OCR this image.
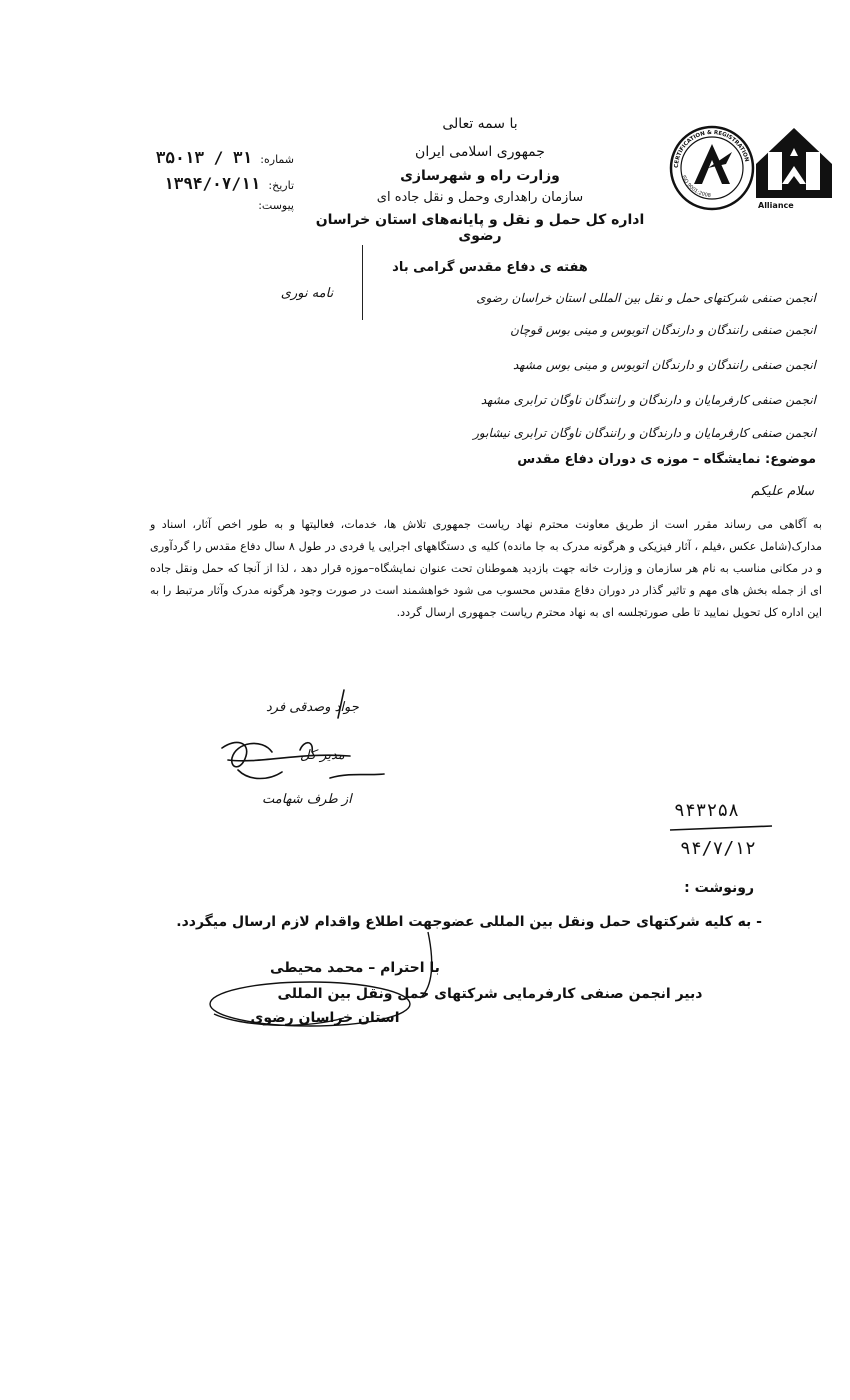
با سمه تعالی
جمهوری اسلامی ایران
وزارت راه و شهرسازی
سازمان راهداری وحمل و نقل جاده ای
اداره کل حمل و نقل و پایانه‌های استان خراسان رضوی
شماره: ۳۱ / ۳۵۰۱۳
تاریخ: ۱۳۹۴/۰۷/۱۱
پیوست:
CERTIFICATION & REGISTRATION
ISO 9001:2008
Alliance
هفته ی دفاع مقدس گرامی باد
نامه نوری	انجمن صنفی شرکتهای حمل و نقل بین المللی استان خراسان رضوی
انجمن صنفی رانندگان و دارندگان اتوبوس و مینی بوس قوچان
انجمن صنفی رانندگان و دارندگان اتوبوس و مینی بوس مشهد
انجمن صنفی کارفرمایان و دارندگان و رانندگان ناوگان ترابری مشهد
انجمن صنفی کارفرمایان و دارندگان و رانندگان ناوگان ترابری نیشابور
موضوع: نمایشگاه – موزه ی دوران دفاع مقدس
سلام علیکم
به آگاهی می رساند مقرر است از طریق معاونت محترم نهاد ریاست جمهوری تلاش ها، خدمات، فعالیتها و به طور اخص آثار، اسناد و مدارک(شامل عکس ،فیلم ، آثار فیزیکی و هرگونه مدرک به جا مانده) کلیه ی دستگاههای اجرایی یا فردی در طول ۸ سال دفاع مقدس را گردآوری و در مکانی مناسب به نام هر سازمان و وزارت خانه جهت بازدید هموطنان تحت عنوان نمایشگاه–موزه قرار دهد ، لذا از آنجا که حمل ونقل جاده ای از جمله بخش های مهم و تاثیر گذار در دوران دفاع مقدس محسوب می شود خواهشمند است در صورت وجود هرگونه مدرک وآثار مرتبط را به این اداره کل تحویل نمایید تا طی صورتجلسه ای به نهاد محترم ریاست جمهوری ارسال گردد.
جواد وصدقی فرد
مدیر کل
از طرف شهامت
۹۴۳۲۵۸
۹۴/۷/۱۲
رونوشت :
- به کلیه شرکتهای حمل ونقل بین المللی عضوجهت اطلاع واقدام لازم ارسال میگردد.
با احترام – محمد محیطی
دبیر انجمن صنفی کارفرمایی شرکتهای حمل ونقل بین المللی
استان خراسان رضوی
